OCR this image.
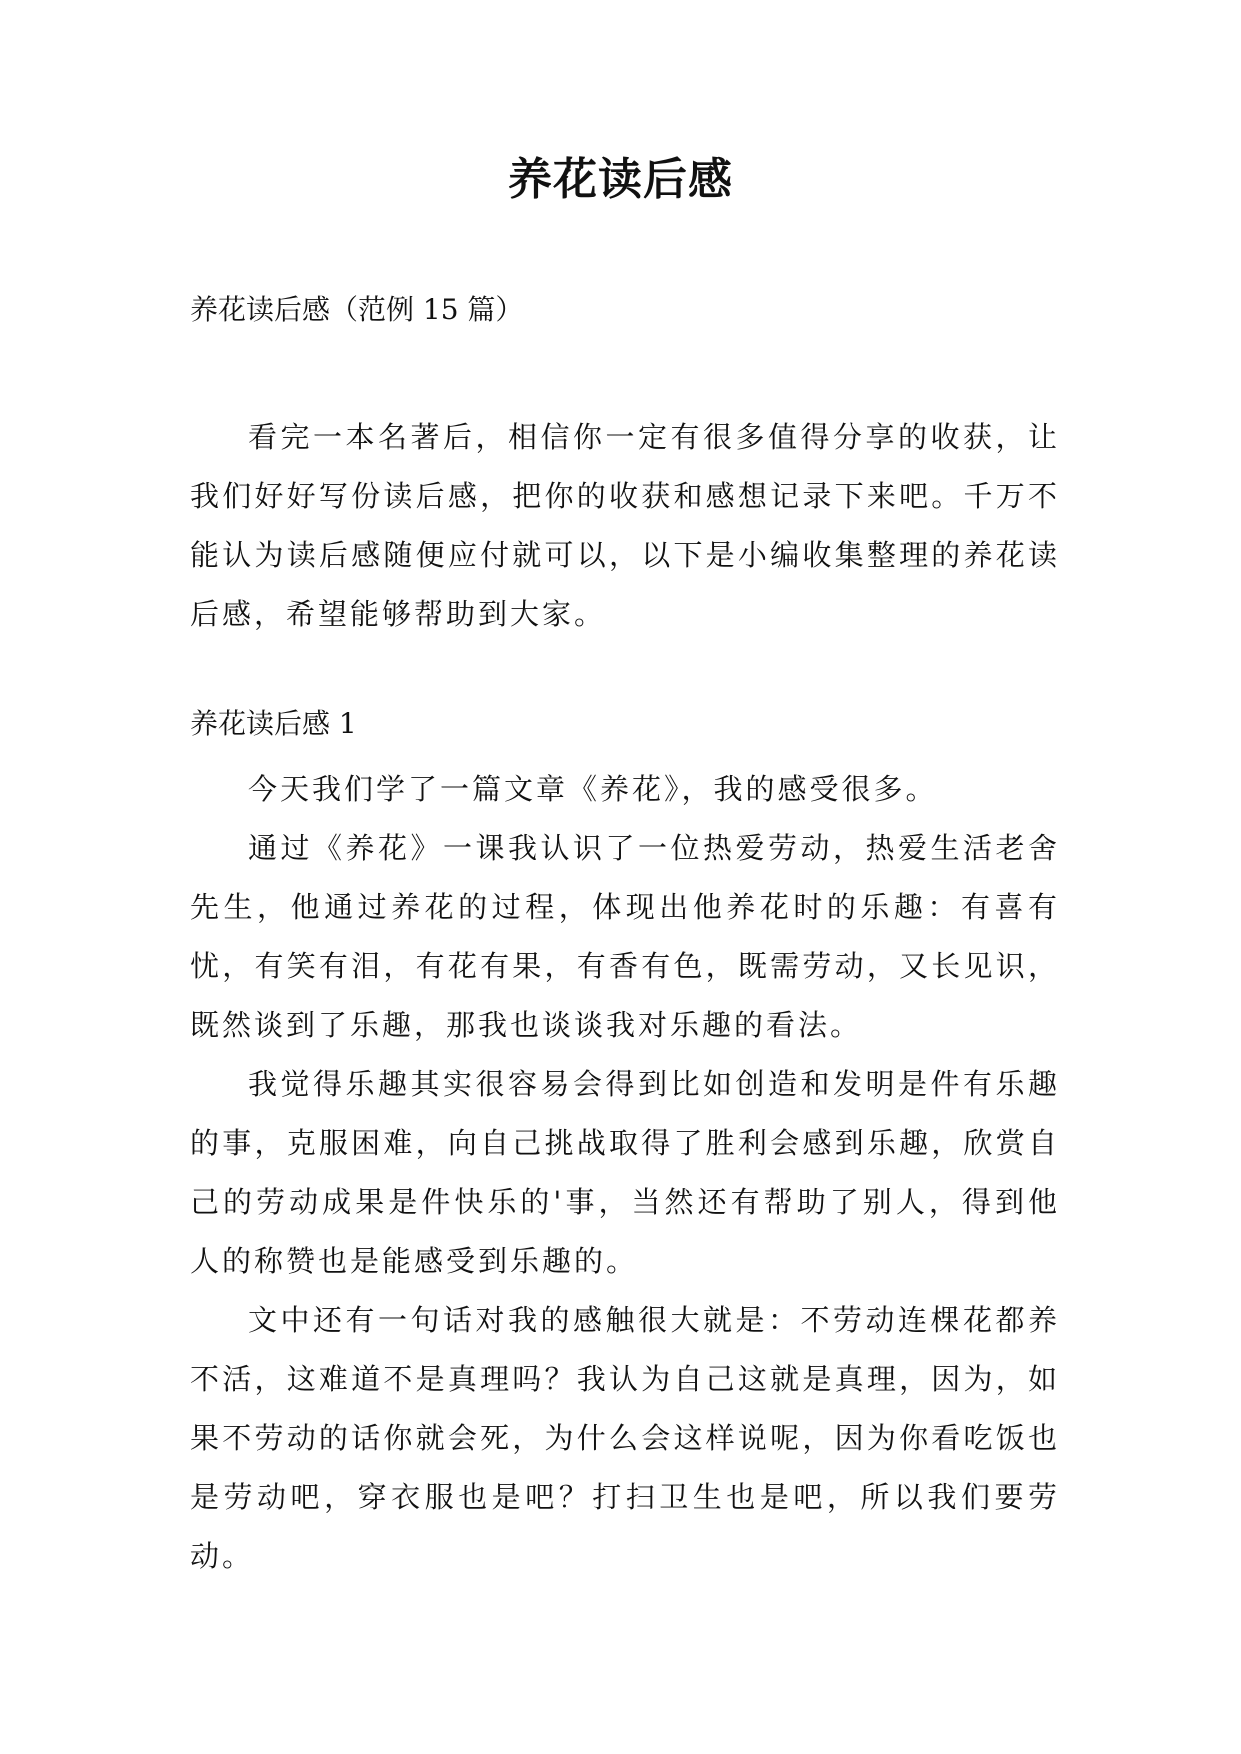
养花读后感

养花读后感（范例 15 篇）

看完一本名著后，相信你一定有很多值得分享的收获，让我们好好写份读后感，把你的收获和感想记录下来吧。千万不能认为读后感随便应付就可以，以下是小编收集整理的养花读后感，希望能够帮助到大家。

养花读后感 1

今天我们学了一篇文章《养花》，我的感受很多。

通过《养花》一课我认识了一位热爱劳动，热爱生活老舍先生，他通过养花的过程，体现出他养花时的乐趣：有喜有忧，有笑有泪，有花有果，有香有色，既需劳动，又长见识，既然谈到了乐趣，那我也谈谈我对乐趣的看法。

我觉得乐趣其实很容易会得到比如创造和发明是件有乐趣的事，克服困难，向自己挑战取得了胜利会感到乐趣，欣赏自己的劳动成果是件快乐的'事，当然还有帮助了别人，得到他人的称赞也是能感受到乐趣的。

文中还有一句话对我的感触很大就是：不劳动连棵花都养不活，这难道不是真理吗？我认为自己这就是真理，因为，如果不劳动的话你就会死，为什么会这样说呢，因为你看吃饭也是劳动吧，穿衣服也是吧？打扫卫生也是吧，所以我们要劳动。
